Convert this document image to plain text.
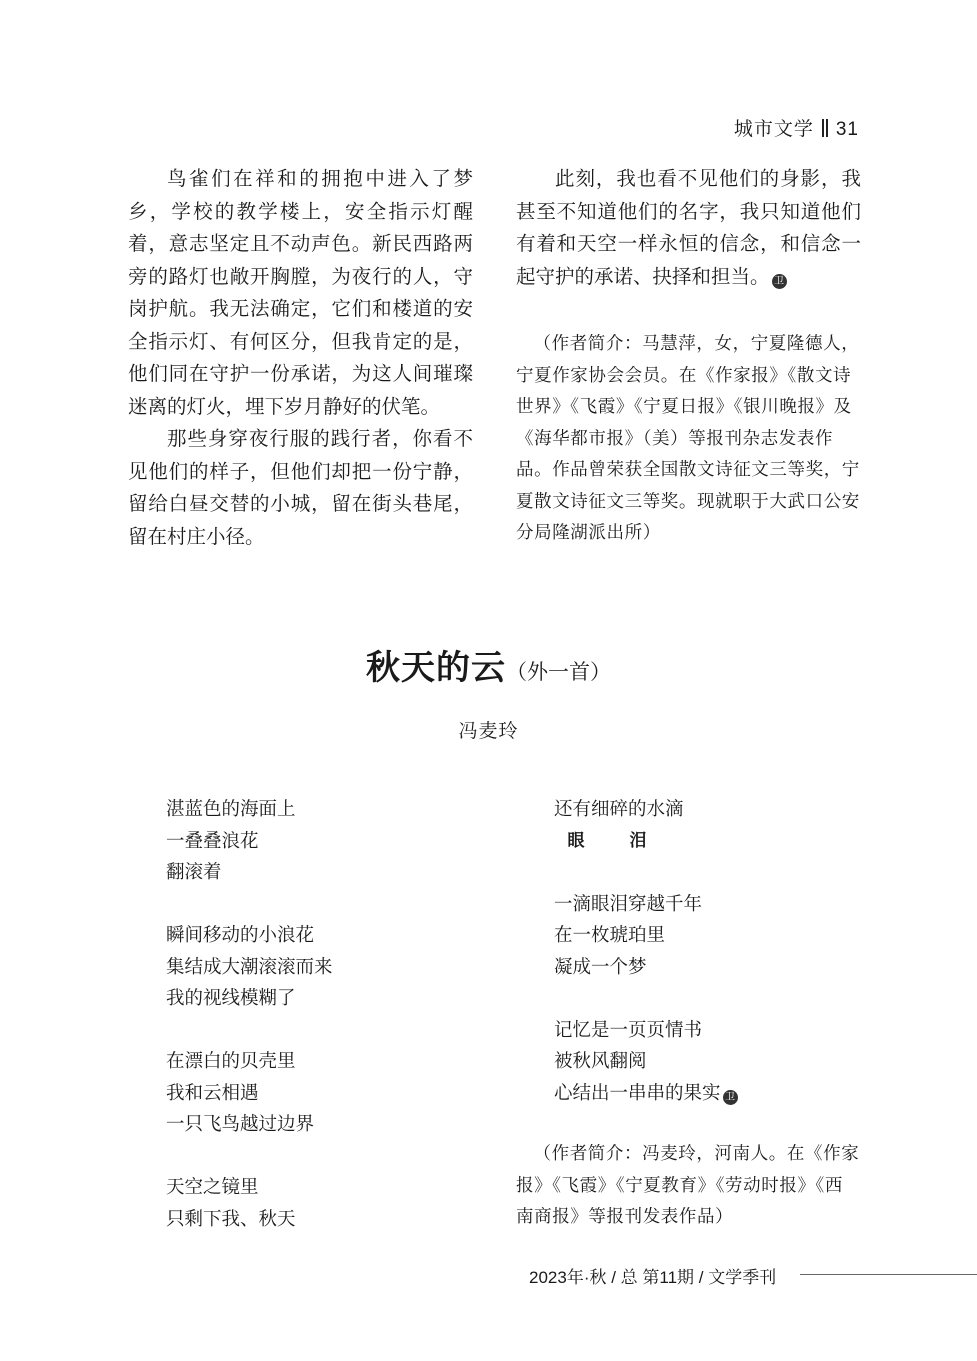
城市文学 31

鸟雀们在祥和的拥抱中进入了梦乡，学校的教学楼上，安全指示灯醒着，意志坚定且不动声色。新民西路两旁的路灯也敞开胸膛，为夜行的人，守岗护航。我无法确定，它们和楼道的安全指示灯、有何区分，但我肯定的是，他们同在守护一份承诺，为这人间璀璨迷离的灯火，埋下岁月静好的伏笔。

那些身穿夜行服的践行者，你看不见他们的样子，但他们却把一份宁静，留给白昼交替的小城，留在街头巷尾，留在村庄小径。

此刻，我也看不见他们的身影，我甚至不知道他们的名字，我只知道他们有着和天空一样永恒的信念，和信念一起守护的承诺、抉择和担当。 卫

（作者简介：马慧萍，女，宁夏隆德人，宁夏作家协会会员。在《作家报》《散文诗世界》《飞霞》《宁夏日报》《银川晚报》及《海华都市报》（美）等报刊杂志发表作品。作品曾荣获全国散文诗征文三等奖，宁夏散文诗征文三等奖。现就职于大武口公安分局隆湖派出所）

秋天的云（外一首）
冯麦玲
湛蓝色的海面上
一叠叠浪花
翻滚着
瞬间移动的小浪花
集结成大潮滚滚而来
我的视线模糊了
在漂白的贝壳里
我和云相遇
一只飞鸟越过边界
天空之镜里
只剩下我、秋天
还有细碎的水滴
眼　泪
一滴眼泪穿越千年
在一枚琥珀里
凝成一个梦
记忆是一页页情书
被秋风翻阅
心结出一串串的果实 卫

（作者简介：冯麦玲，河南人。在《作家报》《飞霞》《宁夏教育》《劳动时报》《西南商报》等报刊发表作品）

2023年·秋 / 总 第11期 / 文学季刊
